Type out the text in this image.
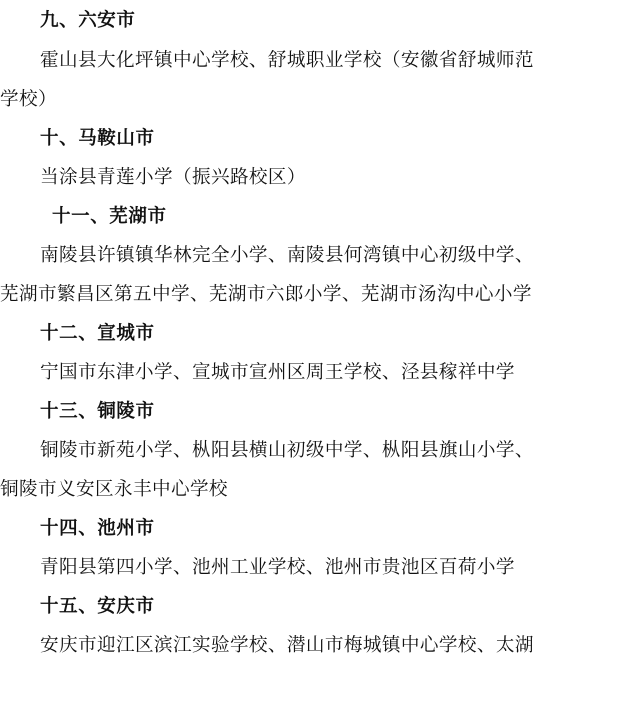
九、六安市
霍山县大化坪镇中心学校、舒城职业学校（安徽省舒城师范
学校）
十、马鞍山市
当涂县青莲小学（振兴路校区）
十一、芜湖市
南陵县许镇镇华林完全小学、南陵县何湾镇中心初级中学、
芜湖市繁昌区第五中学、芜湖市六郎小学、芜湖市汤沟中心小学
十二、宣城市
宁国市东津小学、宣城市宣州区周王学校、泾县稼祥中学
十三、铜陵市
铜陵市新苑小学、枞阳县横山初级中学、枞阳县旗山小学、
铜陵市义安区永丰中心学校
十四、池州市
青阳县第四小学、池州工业学校、池州市贵池区百荷小学
十五、安庆市
安庆市迎江区滨江实验学校、潜山市梅城镇中心学校、太湖
